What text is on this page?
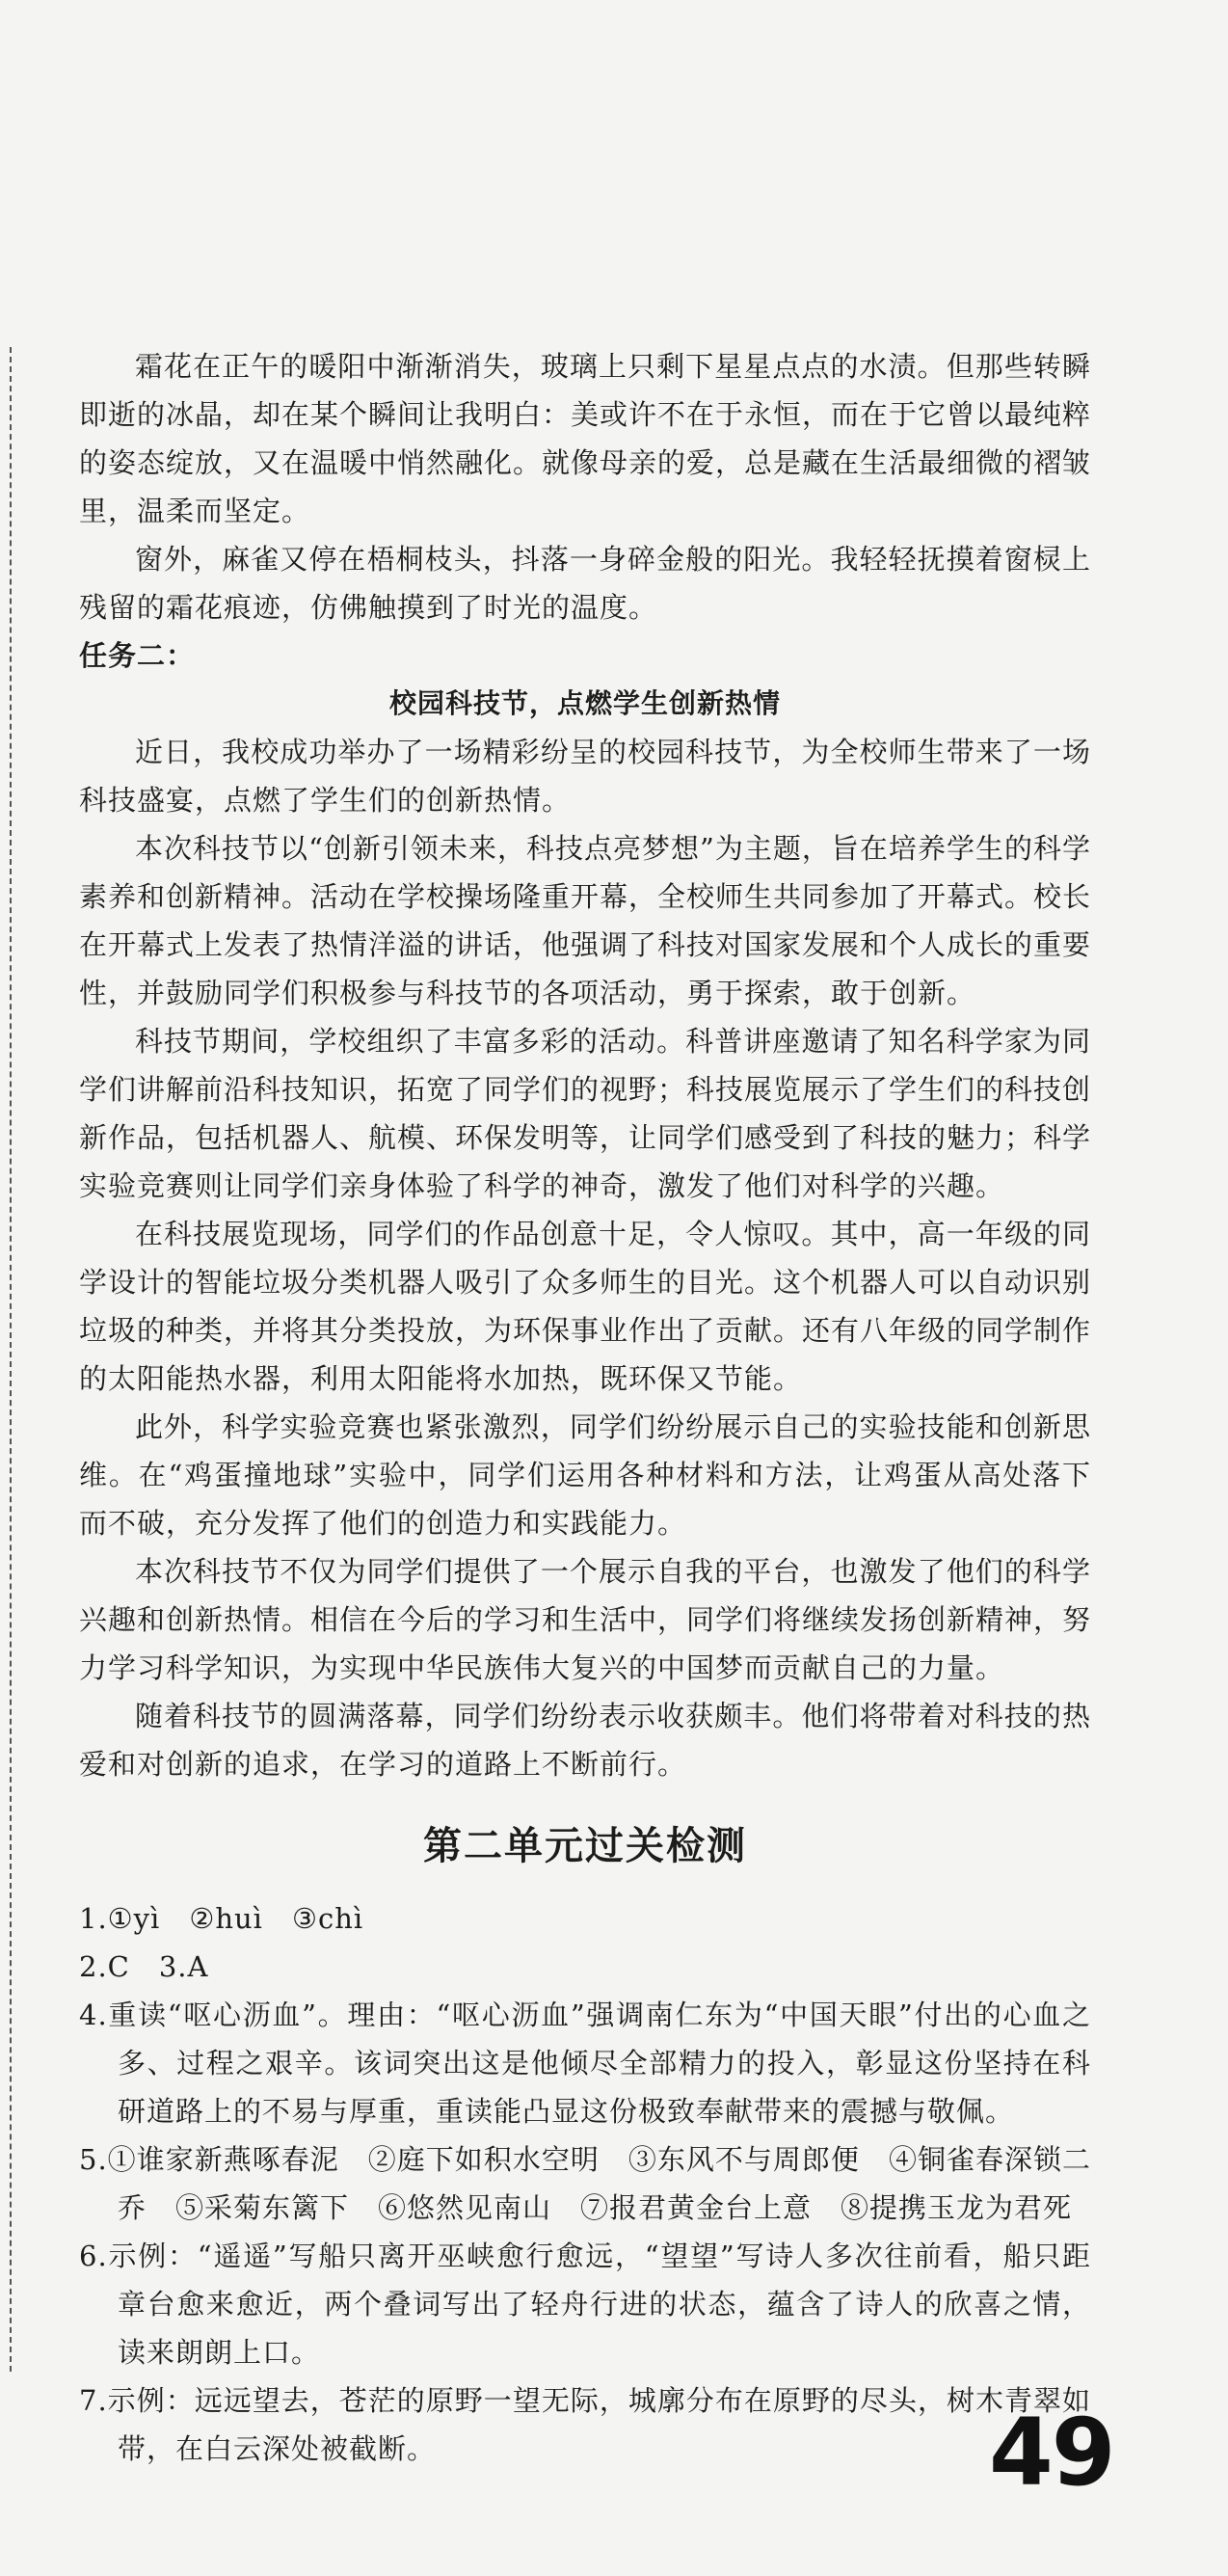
霜花在正午的暖阳中渐渐消失，玻璃上只剩下星星点点的水渍。但那些转瞬即逝的冰晶，却在某个瞬间让我明白：美或许不在于永恒，而在于它曾以最纯粹的姿态绽放，又在温暖中悄然融化。就像母亲的爱，总是藏在生活最细微的褶皱里，温柔而坚定。

窗外，麻雀又停在梧桐枝头，抖落一身碎金般的阳光。我轻轻抚摸着窗棂上残留的霜花痕迹，仿佛触摸到了时光的温度。

任务二：

校园科技节，点燃学生创新热情

近日，我校成功举办了一场精彩纷呈的校园科技节，为全校师生带来了一场科技盛宴，点燃了学生们的创新热情。

本次科技节以“创新引领未来，科技点亮梦想”为主题，旨在培养学生的科学素养和创新精神。活动在学校操场隆重开幕，全校师生共同参加了开幕式。校长在开幕式上发表了热情洋溢的讲话，他强调了科技对国家发展和个人成长的重要性，并鼓励同学们积极参与科技节的各项活动，勇于探索，敢于创新。

科技节期间，学校组织了丰富多彩的活动。科普讲座邀请了知名科学家为同学们讲解前沿科技知识，拓宽了同学们的视野；科技展览展示了学生们的科技创新作品，包括机器人、航模、环保发明等，让同学们感受到了科技的魅力；科学实验竞赛则让同学们亲身体验了科学的神奇，激发了他们对科学的兴趣。

在科技展览现场，同学们的作品创意十足，令人惊叹。其中，高一年级的同学设计的智能垃圾分类机器人吸引了众多师生的目光。这个机器人可以自动识别垃圾的种类，并将其分类投放，为环保事业作出了贡献。还有八年级的同学制作的太阳能热水器，利用太阳能将水加热，既环保又节能。

此外，科学实验竞赛也紧张激烈，同学们纷纷展示自己的实验技能和创新思维。在“鸡蛋撞地球”实验中，同学们运用各种材料和方法，让鸡蛋从高处落下而不破，充分发挥了他们的创造力和实践能力。

本次科技节不仅为同学们提供了一个展示自我的平台，也激发了他们的科学兴趣和创新热情。相信在今后的学习和生活中，同学们将继续发扬创新精神，努力学习科学知识，为实现中华民族伟大复兴的中国梦而贡献自己的力量。

随着科技节的圆满落幕，同学们纷纷表示收获颇丰。他们将带着对科技的热爱和对创新的追求，在学习的道路上不断前行。

第二单元过关检测

1.①yì　②huì　③chì

2.C　3.A

4.重读“呕心沥血”。理由：“呕心沥血”强调南仁东为“中国天眼”付出的心血之多、过程之艰辛。该词突出这是他倾尽全部精力的投入，彰显这份坚持在科研道路上的不易与厚重，重读能凸显这份极致奉献带来的震撼与敬佩。

5.①谁家新燕啄春泥　②庭下如积水空明　③东风不与周郎便　④铜雀春深锁二乔　⑤采菊东篱下　⑥悠然见南山　⑦报君黄金台上意　⑧提携玉龙为君死

6.示例：“遥遥”写船只离开巫峡愈行愈远，“望望”写诗人多次往前看，船只距章台愈来愈近，两个叠词写出了轻舟行进的状态，蕴含了诗人的欣喜之情，读来朗朗上口。

7.示例：远远望去，苍茫的原野一望无际，城廓分布在原野的尽头，树木青翠如带，在白云深处被截断。	49
